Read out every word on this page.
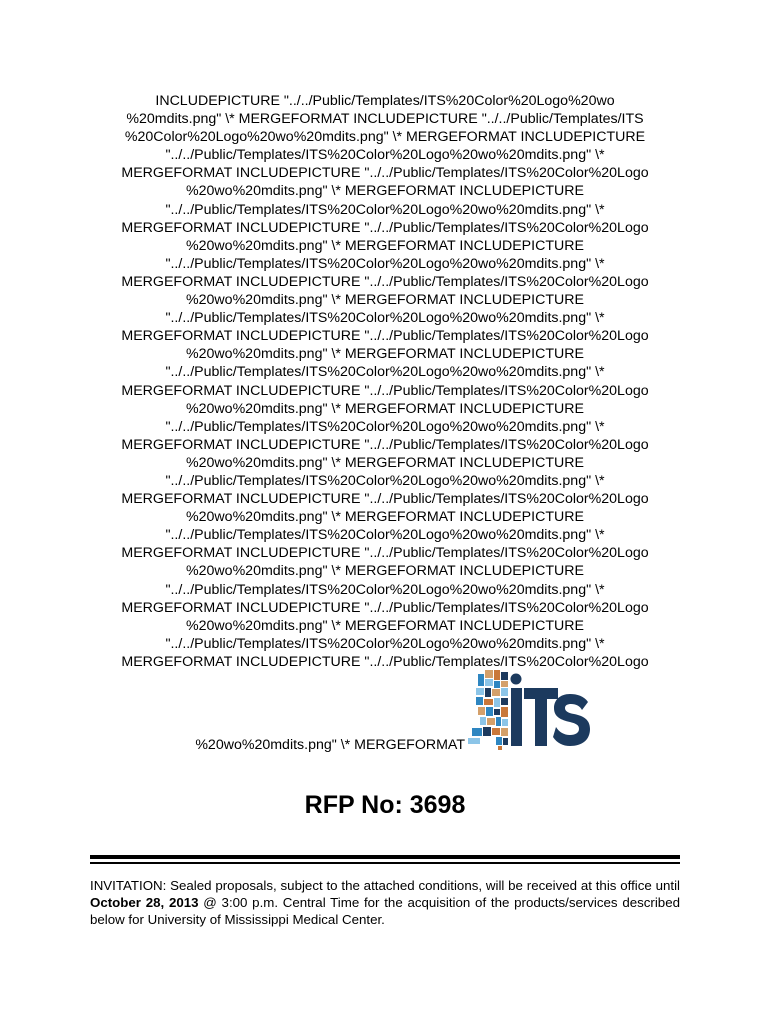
INCLUDEPICTURE "../../Public/Templates/ITS%20Color%20Logo%20wo
%20mdits.png" \* MERGEFORMAT INCLUDEPICTURE "../../Public/Templates/ITS
%20Color%20Logo%20wo%20mdits.png" \* MERGEFORMAT INCLUDEPICTURE
"../../Public/Templates/ITS%20Color%20Logo%20wo%20mdits.png" \*
MERGEFORMAT INCLUDEPICTURE "../../Public/Templates/ITS%20Color%20Logo
%20wo%20mdits.png" \* MERGEFORMAT INCLUDEPICTURE
"../../Public/Templates/ITS%20Color%20Logo%20wo%20mdits.png" \*
MERGEFORMAT INCLUDEPICTURE "../../Public/Templates/ITS%20Color%20Logo
%20wo%20mdits.png" \* MERGEFORMAT INCLUDEPICTURE
"../../Public/Templates/ITS%20Color%20Logo%20wo%20mdits.png" \*
MERGEFORMAT INCLUDEPICTURE "../../Public/Templates/ITS%20Color%20Logo
%20wo%20mdits.png" \* MERGEFORMAT INCLUDEPICTURE
"../../Public/Templates/ITS%20Color%20Logo%20wo%20mdits.png" \*
MERGEFORMAT INCLUDEPICTURE "../../Public/Templates/ITS%20Color%20Logo
%20wo%20mdits.png" \* MERGEFORMAT INCLUDEPICTURE
"../../Public/Templates/ITS%20Color%20Logo%20wo%20mdits.png" \*
MERGEFORMAT INCLUDEPICTURE "../../Public/Templates/ITS%20Color%20Logo
%20wo%20mdits.png" \* MERGEFORMAT INCLUDEPICTURE
"../../Public/Templates/ITS%20Color%20Logo%20wo%20mdits.png" \*
MERGEFORMAT INCLUDEPICTURE "../../Public/Templates/ITS%20Color%20Logo
%20wo%20mdits.png" \* MERGEFORMAT INCLUDEPICTURE
"../../Public/Templates/ITS%20Color%20Logo%20wo%20mdits.png" \*
MERGEFORMAT INCLUDEPICTURE "../../Public/Templates/ITS%20Color%20Logo
%20wo%20mdits.png" \* MERGEFORMAT INCLUDEPICTURE
"../../Public/Templates/ITS%20Color%20Logo%20wo%20mdits.png" \*
MERGEFORMAT INCLUDEPICTURE "../../Public/Templates/ITS%20Color%20Logo
%20wo%20mdits.png" \* MERGEFORMAT INCLUDEPICTURE
"../../Public/Templates/ITS%20Color%20Logo%20wo%20mdits.png" \*
MERGEFORMAT INCLUDEPICTURE "../../Public/Templates/ITS%20Color%20Logo
%20wo%20mdits.png" \* MERGEFORMAT INCLUDEPICTURE
"../../Public/Templates/ITS%20Color%20Logo%20wo%20mdits.png" \*
MERGEFORMAT INCLUDEPICTURE "../../Public/Templates/ITS%20Color%20Logo
%20wo%20mdits.png" \* MERGEFORMAT
RFP No: 3698
INVITATION: Sealed proposals, subject to the attached conditions, will be received at this office until October 28, 2013 @ 3:00 p.m. Central Time for the acquisition of the products/services described below for University of Mississippi Medical Center.
